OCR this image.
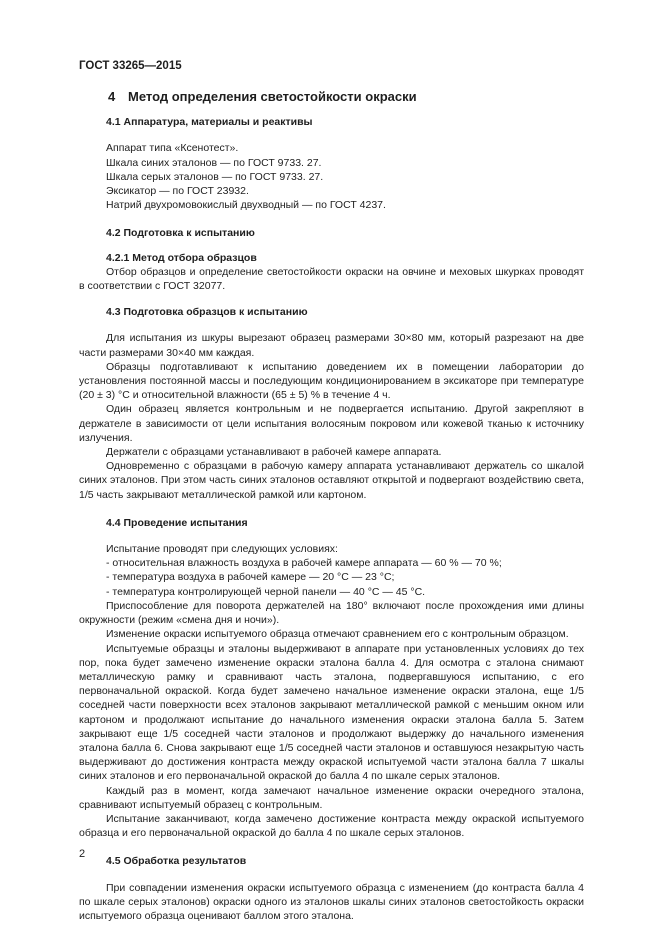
ГОСТ 33265—2015
4 Метод определения светостойкости окраски
4.1 Аппаратура, материалы и реактивы
Аппарат типа «Ксенотест».
Шкала синих эталонов — по ГОСТ 9733. 27.
Шкала серых эталонов — по ГОСТ 9733. 27.
Эксикатор — по ГОСТ 23932.
Натрий двухромовокислый двухводный — по ГОСТ 4237.
4.2 Подготовка к испытанию
4.2.1 Метод отбора образцов

Отбор образцов и определение светостойкости окраски на овчине и меховых шкурках проводят в соответствии с ГОСТ 32077.

4.3 Подготовка образцов к испытанию

Для испытания из шкуры вырезают образец размерами 30×80 мм, который разрезают на две части размерами 30×40 мм каждая.

Образцы подготавливают к испытанию доведением их в помещении лаборатории до установления постоянной массы и последующим кондиционированием в эксикаторе при температуре (20 ± 3) °C и относительной влажности (65 ± 5) % в течение 4 ч.

Один образец является контрольным и не подвергается испытанию. Другой закрепляют в держателе в зависимости от цели испытания волосяным покровом или кожевой тканью к источнику излучения.

Держатели с образцами устанавливают в рабочей камере аппарата.

Одновременно с образцами в рабочую камеру аппарата устанавливают держатель со шкалой синих эталонов. При этом часть синих эталонов оставляют открытой и подвергают воздействию света, 1/5 часть закрывают металлической рамкой или картоном.

4.4 Проведение испытания
Испытание проводят при следующих условиях:
- относительная влажность воздуха в рабочей камере аппарата — 60 % — 70 %;
- температура воздуха в рабочей камере — 20 °C — 23 °C;
- температура контролирующей черной панели — 40 °C — 45 °C.

Приспособление для поворота держателей на 180° включают после прохождения ими длины окружности (режим «смена дня и ночи»).

Изменение окраски испытуемого образца отмечают сравнением его с контрольным образцом.

Испытуемые образцы и эталоны выдерживают в аппарате при установленных условиях до тех пор, пока будет замечено изменение окраски эталона балла 4. Для осмотра с эталона снимают металлическую рамку и сравнивают часть эталона, подвергавшуюся испытанию, с его первоначальной окраской. Когда будет замечено начальное изменение окраски эталона, еще 1/5 соседней части поверхности всех эталонов закрывают металлической рамкой с меньшим окном или картоном и продолжают испытание до начального изменения окраски эталона балла 5. Затем закрывают еще 1/5 соседней части эталонов и продолжают выдержку до начального изменения эталона балла 6. Снова закрывают еще 1/5 соседней части эталонов и оставшуюся незакрытую часть выдерживают до достижения контраста между окраской испытуемой части эталона балла 7 шкалы синих эталонов и его первоначальной окраской до балла 4 по шкале серых эталонов.

Каждый раз в момент, когда замечают начальное изменение окраски очередного эталона, сравнивают испытуемый образец с контрольным.

Испытание заканчивают, когда замечено достижение контраста между окраской испытуемого образца и его первоначальной окраской до балла 4 по шкале серых эталонов.

4.5 Обработка результатов

При совпадении изменения окраски испытуемого образца с изменением (до контраста балла 4 по шкале серых эталонов) окраски одного из эталонов шкалы синих эталонов светостойкость окраски испытуемого образца оценивают баллом этого эталона.

2
